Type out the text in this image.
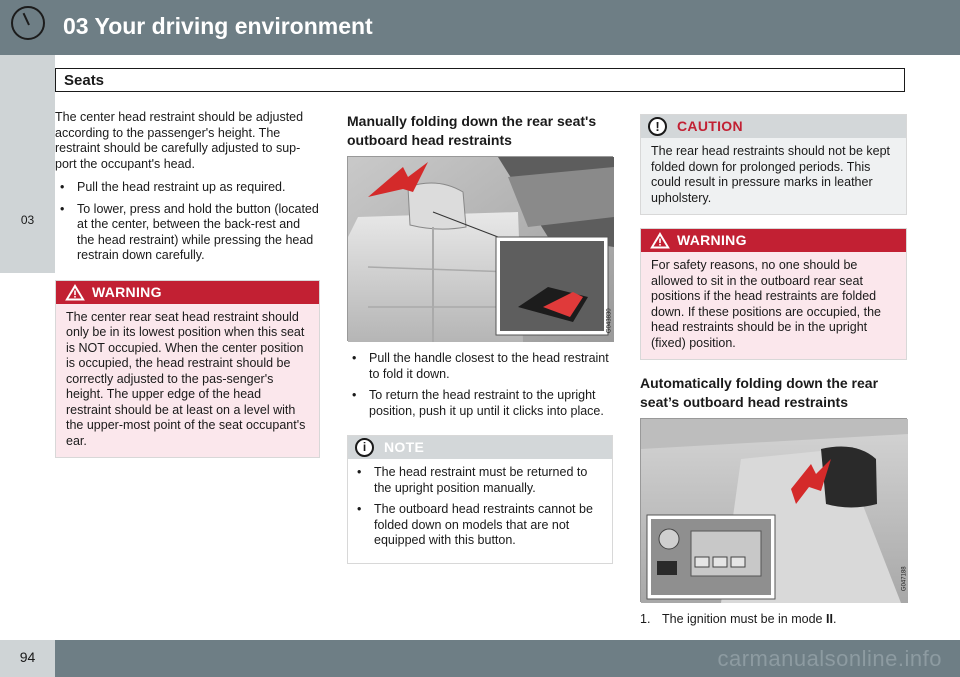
03 Your driving environment
03
Seats

The center head restraint should be adjusted according to the passenger's height. The restraint should be carefully adjusted to sup-port the occupant's head.

• Pull the head restraint up as required.
• To lower, press and hold the button (located at the center, between the back-rest and the head restraint) while pressing the head restrain down carefully.
WARNING
The center rear seat head restraint should only be in its lowest position when this seat is NOT occupied. When the center position is occupied, the head restraint should be correctly adjusted to the pas-senger's height. The upper edge of the head restraint should be at least on a level with the upper-most point of the seat occupant's ear.
Manually folding down the rear seat's outboard head restraints
G043830
• Pull the handle closest to the head restraint to fold it down.
• To return the head restraint to the upright position, push it up until it clicks into place.
i	NOTE
• The head restraint must be returned to the upright position manually.
• The outboard head restraints cannot be folded down on models that are not equipped with this button.
!	CAUTION
The rear head restraints should not be kept folded down for prolonged periods. This could result in pressure marks in leather upholstery.
WARNING
For safety reasons, no one should be allowed to sit in the outboard rear seat positions if the head restraints are folded down. If these positions are occupied, the head restraints should be in the upright (fixed) position.
Automatically folding down the rear seat’s outboard head restraints
G047188
1. The ignition must be in mode II.
94	carmanualsonline.info
